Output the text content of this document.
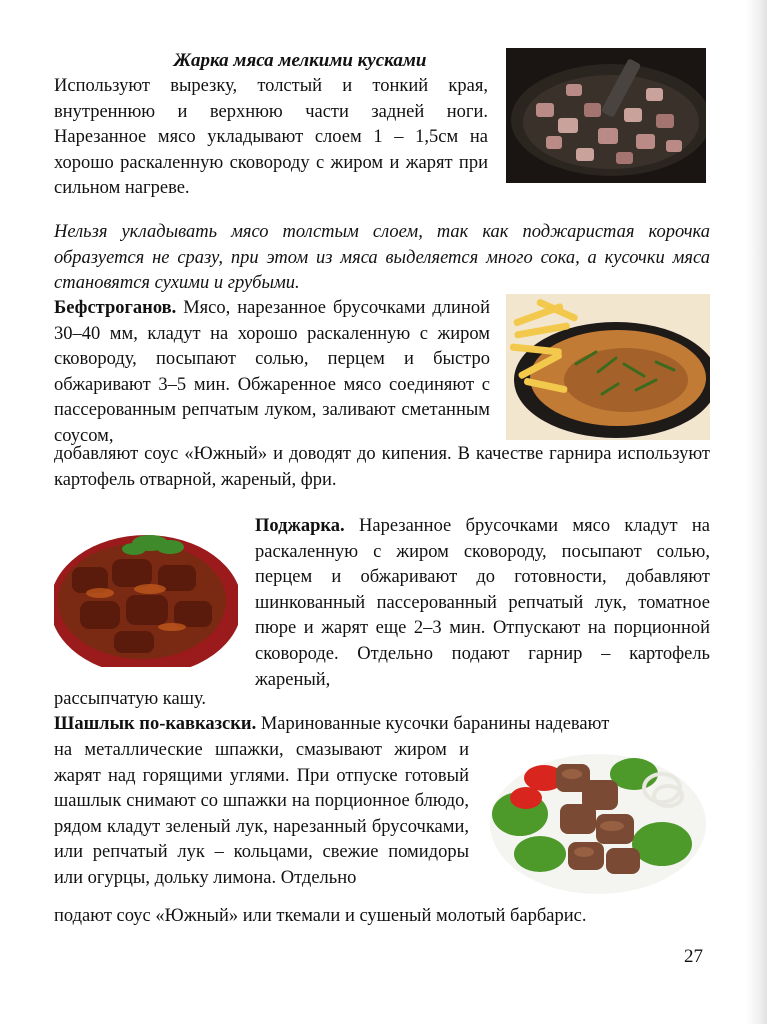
Жарка мяса мелкими кусками

Используют вырезку, толстый и тонкий края, внутреннюю и верхнюю части задней ноги. Нарезанное мясо укладывают слоем 1 – 1,5см на хорошо раскаленную сковороду с жиром и жарят при сильном нагреве.

Нельзя укладывать мясо толстым слоем, так как поджаристая корочка образуется не сразу, при этом из мяса выделяется много сока, а кусочки мяса становятся сухими и грубыми.

Бефстроганов. Мясо, нарезанное брусочками длиной 30–40 мм, кладут на хорошо раскаленную с жиром сковороду, посыпают солью, перцем и быстро обжаривают 3–5 мин. Обжаренное мясо соединяют с пассерованным репчатым луком, заливают сметанным соусом,

добавляют соус «Южный» и доводят до кипения. В качестве гарнира используют картофель отварной, жареный, фри.

Поджарка. Нарезанное брусочками мясо кладут на раскаленную с жиром сковороду, посыпают солью, перцем и обжаривают до готовности, добавляют шинкованный пассерованный репчатый лук, томатное пюре и жарят еще 2–3 мин. Отпускают на порционной сковороде. Отдельно подают гарнир – картофель жареный,

рассыпчатую кашу.

Шашлык по-кавказски. Маринованные кусочки баранины надевают

на металлические шпажки, смазывают жиром и жарят над горящими углями. При отпуске готовый шашлык снимают со шпажки на порционное блюдо, рядом кладут зеленый лук, нарезанный брусочками, или репчатый лук – кольцами, свежие помидоры или огурцы, дольку лимона. Отдельно

подают соус «Южный» или ткемали и сушеный молотый барбарис.

27
